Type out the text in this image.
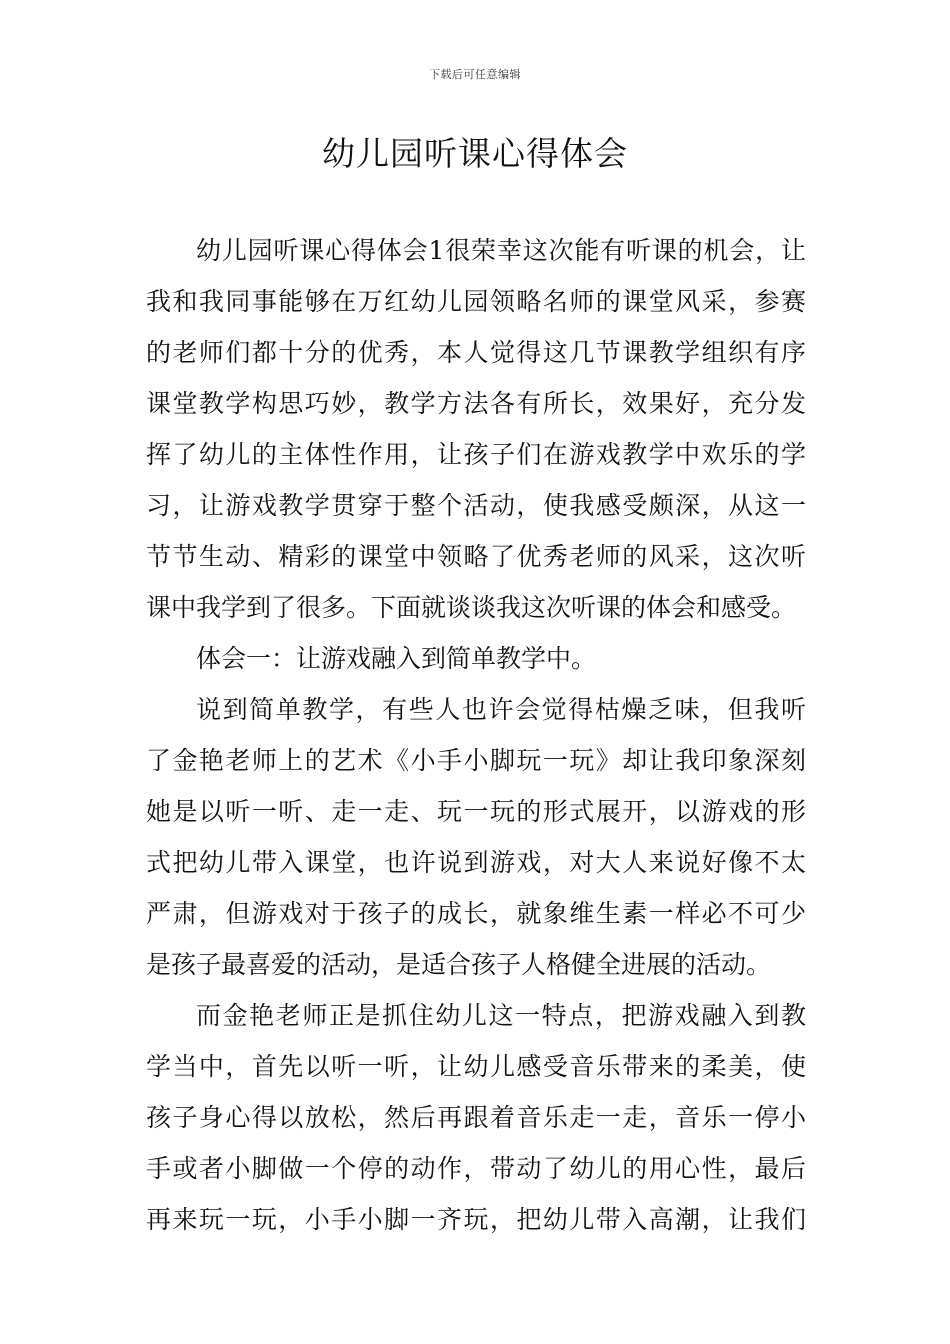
下载后可任意编辑
幼儿园听课心得体会
幼儿园听课心得体会1很荣幸这次能有听课的机会，让
我和我同事能够在万红幼儿园领略名师的课堂风采，参赛
的老师们都十分的优秀，本人觉得这几节课教学组织有序
课堂教学构思巧妙，教学方法各有所长，效果好，充分发
挥了幼儿的主体性作用，让孩子们在游戏教学中欢乐的学
习，让游戏教学贯穿于整个活动，使我感受颇深，从这一
节节生动、精彩的课堂中领略了优秀老师的风采，这次听
课中我学到了很多。下面就谈谈我这次听课的体会和感受。
体会一：让游戏融入到简单教学中。
说到简单教学，有些人也许会觉得枯燥乏味，但我听
了金艳老师上的艺术《小手小脚玩一玩》却让我印象深刻
她是以听一听、走一走、玩一玩的形式展开，以游戏的形
式把幼儿带入课堂，也许说到游戏，对大人来说好像不太
严肃，但游戏对于孩子的成长，就象维生素一样必不可少
是孩子最喜爱的活动，是适合孩子人格健全进展的活动。
而金艳老师正是抓住幼儿这一特点，把游戏融入到教
学当中，首先以听一听，让幼儿感受音乐带来的柔美，使
孩子身心得以放松，然后再跟着音乐走一走，音乐一停小
手或者小脚做一个停的动作，带动了幼儿的用心性，最后
再来玩一玩，小手小脚一齐玩，把幼儿带入高潮，让我们
